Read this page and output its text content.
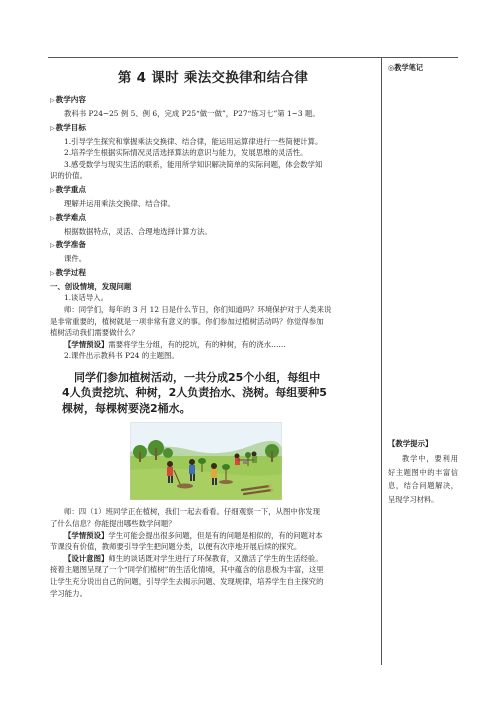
第 4 课时 乘法交换律和结合律
▷教学内容

教科书 P24~25 例 5、例 6，完成 P25“做一做”，P27“练习七”第 1~3 题。

▷教学目标

1.引导学生探究和掌握乘法交换律、结合律，能运用运算律进行一些简便计算。

2.培养学生根据实际情况灵活选择算法的意识与能力，发展思维的灵活性。

3.感受数学与现实生活的联系，能用所学知识解决简单的实际问题，体会数学知

识的价值。

▷教学重点

理解并运用乘法交换律、结合律。

▷教学难点

根据数据特点，灵活、合理地选择计算方法。

▷教学准备

课件。

▷教学过程

一、创设情境，发现问题

1.谈话导入。

师：同学们，每年的 3 月 12 日是什么节日，你们知道吗？环境保护对于人类来说

是非常重要的，植树就是一项非常有意义的事。你们参加过植树活动吗？你觉得参加

植树活动我们需要做什么？

【学情预设】需要将学生分组，有的挖坑，有的种树，有的浇水……

2.课件出示教科书 P24 的主题图。

同学们参加植树活动，一共分成25个小组，每组中
4人负责挖坑、种树，2人负责抬水、浇树。每组要种5
棵树，每棵树要浇2桶水。

师：四（1）班同学正在植树，我们一起去看看。仔细观察一下，从图中你发现

了什么信息？你能提出哪些数学问题？

【学情预设】学生可能会提出很多问题，但是有的问题是相似的，有的问题对本

节课没有价值，教师要引导学生把问题分类，以便有次序地开展后续的探究。

【设计意图】师生的谈话既对学生进行了环保教育，又激活了学生的生活经验。

接着主题图呈现了一个“同学们植树”的生活化情境，其中蕴含的信息极为丰富，这里

让学生充分说出自己的问题，引导学生去揭示问题、发现规律，培养学生自主探究的

学习能力。

◎教学笔记
【教学提示】
教学中，要利用好主题图中的丰富信息，结合问题解决，呈现学习材料。
